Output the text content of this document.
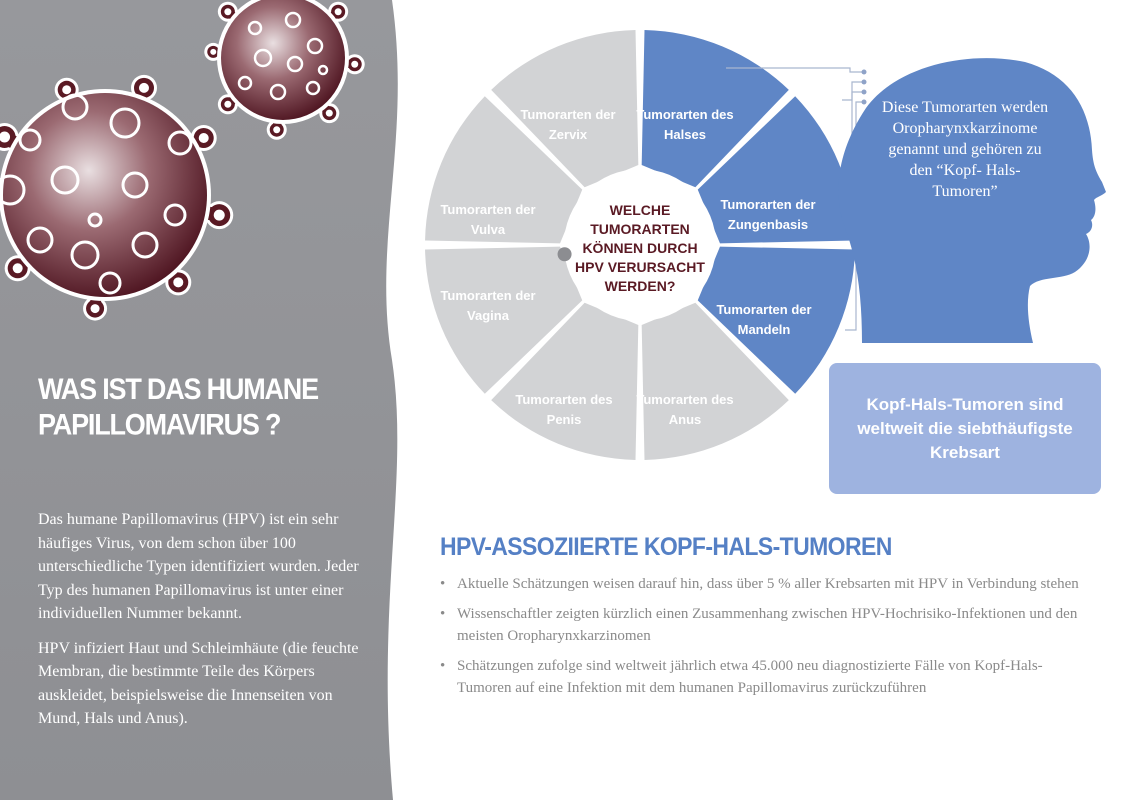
WAS IST DAS HUMANE PAPILLOMAVIRUS ?

Das humane Papillomavirus (HPV) ist ein sehr häufiges Virus, von dem schon über 100 unterschiedliche Typen identifiziert wurden. Jeder Typ des humanen Papillomavirus ist unter einer individuellen Nummer bekannt.

HPV infiziert Haut und Schleimhäute (die feuchte Membran, die bestimmte Teile des Körpers auskleidet, beispielsweise die Innenseiten von Mund, Hals und Anus).

Tumorarten des Halses
Tumorarten der Zungenbasis
Tumorarten der Mandeln
Tumorarten des Anus
Tumorarten des Penis
Tumorarten der Vagina
Tumorarten der Vulva
Tumorarten der Zervix
WELCHE TUMORARTEN KÖNNEN DURCH HPV VERURSACHT WERDEN?
Diese Tumorarten werden Oropharynxkarzinome genannt und gehören zu den “Kopf- Hals-Tumoren”
Kopf-Hals-Tumoren sind weltweit die siebthäufigste Krebsart
HPV-ASSOZIIERTE KOPF-HALS-TUMOREN
• Aktuelle Schätzungen weisen darauf hin, dass über 5 % aller Krebsarten mit HPV in Verbindung stehen
• Wissenschaftler zeigten kürzlich einen Zusammenhang zwischen HPV-Hochrisiko-Infektionen und den meisten Oropharynxkarzinomen
• Schätzungen zufolge sind weltweit jährlich etwa 45.000 neu diagnostizierte Fälle von Kopf-Hals-Tumoren auf eine Infektion mit dem humanen Papillomavirus zurückzuführen
